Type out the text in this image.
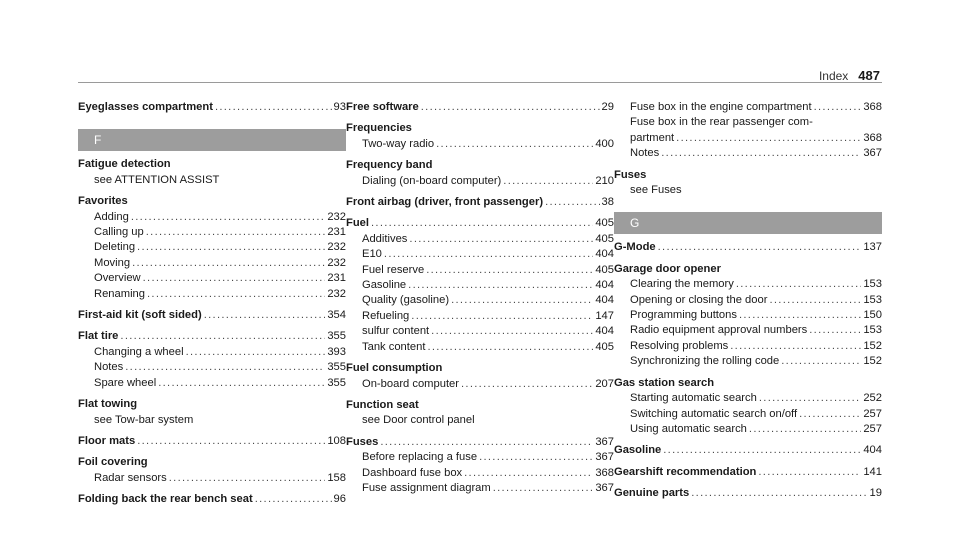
Index 487
Eyeglasses compartment . . .	93
F
Fatigue detection
see ATTENTION ASSIST
Favorites
Adding . . .	232
Calling up . . .	231
Deleting . . .	232
Moving . . .	232
Overview . . .	231
Renaming . . .	232
First-aid kit (soft sided) . . .	354
Flat tire . . .	355
Changing a wheel . . .	393
Notes . . .	355
Spare wheel . . .	355
Flat towing
see Tow-bar system
Floor mats . . .	108
Foil covering
Radar sensors . . .	158
Folding back the rear bench seat . . .	96
Free software . . .	29
Frequencies
Two-way radio . . .	400
Frequency band
Dialing (on-board computer) . . .	210
Front airbag (driver, front passenger) . . .	38
Fuel . . .	405
Additives . . .	405
E10 . . .	404
Fuel reserve . . .	405
Gasoline . . .	404
Quality (gasoline) . . .	404
Refueling . . .	147
sulfur content . . .	404
Tank content . . .	405
Fuel consumption
On-board computer . . .	207
Function seat
see Door control panel
Fuses . . .	367
Before replacing a fuse . . .	367
Dashboard fuse box . . .	368
Fuse assignment diagram . . .	367
Fuse box in the engine compartment . . .	368
Fuse box in the rear passenger com-
partment . . .	368
Notes . . .	367
Fuses
see Fuses
G
G-Mode . . .	137
Garage door opener
Clearing the memory . . .	153
Opening or closing the door . . .	153
Programming buttons . . .	150
Radio equipment approval numbers . . .	153
Resolving problems . . .	152
Synchronizing the rolling code . . .	152
Gas station search
Starting automatic search . . .	252
Switching automatic search on/off . . .	257
Using automatic search . . .	257
Gasoline . . .	404
Gearshift recommendation . . .	141
Genuine parts . . .	19
